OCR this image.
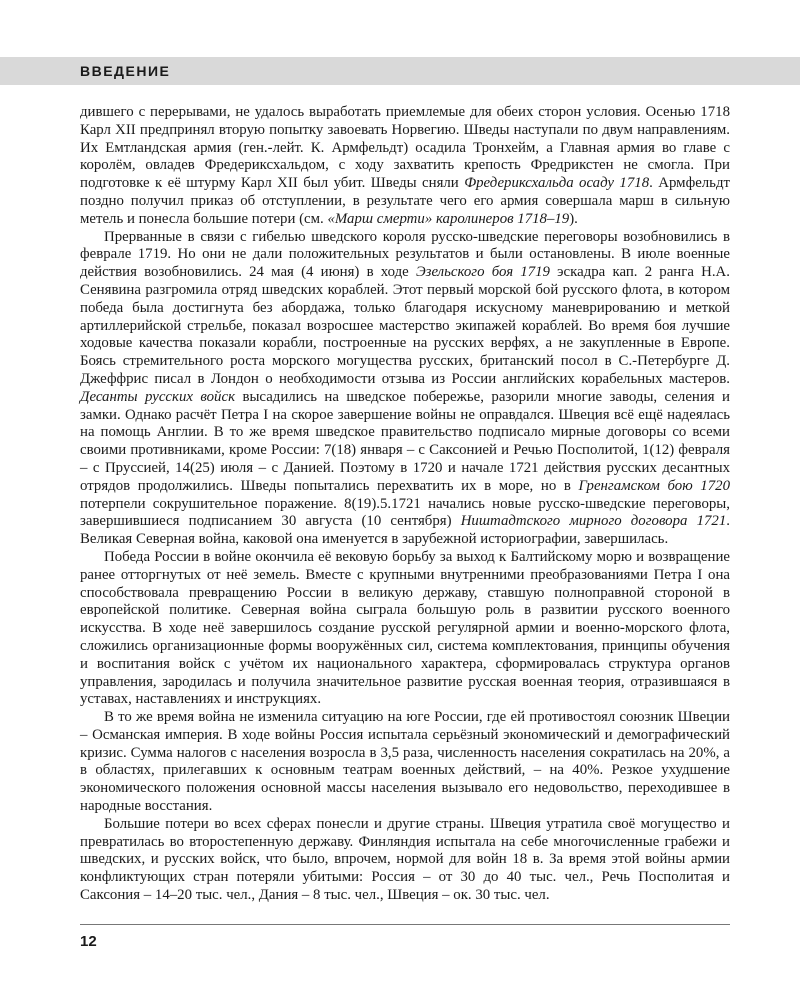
ВВЕДЕНИЕ

дившего с перерывами, не удалось выработать приемлемые для обеих сторон условия. Осенью 1718 Карл XII предпринял вторую попытку завоевать Норвегию. Шведы наступали по двум направлениям. Их Емтландская армия (ген.-лейт. К. Армфельдт) осадила Тронхейм, а Главная армия во главе с королём, овладев Фредериксхальдом, с ходу захватить крепость Фредрикстен не смогла. При подготовке к её штурму Карл XII был убит. Шведы сняли Фредериксхальда осаду 1718. Армфельдт поздно получил приказ об отступлении, в результате чего его армия совершала марш в сильную метель и понесла большие потери (см. «Марш смерти» каролинеров 1718–19).

Прерванные в связи с гибелью шведского короля русско-шведские переговоры возобновились в феврале 1719. Но они не дали положительных результатов и были остановлены. В июле военные действия возобновились. 24 мая (4 июня) в ходе Эзельского боя 1719 эскадра кап. 2 ранга Н.А. Сенявина разгромила отряд шведских кораблей. Этот первый морской бой русского флота, в котором победа была достигнута без абордажа, только благодаря искусному маневрированию и меткой артиллерийской стрельбе, показал возросшее мастерство экипажей кораблей. Во время боя лучшие ходовые качества показали корабли, построенные на русских верфях, а не закупленные в Европе. Боясь стремительного роста морского могущества русских, британский посол в С.-Петербурге Д. Джеффрис писал в Лондон о необходимости отзыва из России английских корабельных мастеров. Десанты русских войск высадились на шведское побережье, разорили многие заводы, селения и замки. Однако расчёт Петра I на скорое завершение войны не оправдался. Швеция всё ещё надеялась на помощь Англии. В то же время шведское правительство подписало мирные договоры со всеми своими противниками, кроме России: 7(18) января – с Саксонией и Речью Посполитой, 1(12) февраля – с Пруссией, 14(25) июля – с Данией. Поэтому в 1720 и начале 1721 действия русских десантных отрядов продолжились. Шведы попытались перехватить их в море, но в Гренгамском бою 1720 потерпели сокрушительное поражение. 8(19).5.1721 начались новые русско-шведские переговоры, завершившиеся подписанием 30 августа (10 сентября) Ништадтского мирного договора 1721. Великая Северная война, каковой она именуется в зарубежной историографии, завершилась.

Победа России в войне окончила её вековую борьбу за выход к Балтийскому морю и возвращение ранее отторгнутых от неё земель. Вместе с крупными внутренними преобразованиями Петра I она способствовала превращению России в великую державу, ставшую полноправной стороной в европейской политике. Северная война сыграла большую роль в развитии русского военного искусства. В ходе неё завершилось создание русской регулярной армии и военно-морского флота, сложились организационные формы вооружённых сил, система комплектования, принципы обучения и воспитания войск с учётом их национального характера, сформировалась структура органов управления, зародилась и получила значительное развитие русская военная теория, отразившаяся в уставах, наставлениях и инструкциях.

В то же время война не изменила ситуацию на юге России, где ей противостоял союзник Швеции – Османская империя. В ходе войны Россия испытала серьёзный экономический и демографический кризис. Сумма налогов с населения возросла в 3,5 раза, численность населения сократилась на 20%, а в областях, прилегавших к основным театрам военных действий, – на 40%. Резкое ухудшение экономического положения основной массы населения вызывало его недовольство, переходившее в народные восстания.

Большие потери во всех сферах понесли и другие страны. Швеция утратила своё могущество и превратилась во второстепенную державу. Финляндия испытала на себе многочисленные грабежи и шведских, и русских войск, что было, впрочем, нормой для войн 18 в. За время этой войны армии конфликтующих стран потеряли убитыми: Россия – от 30 до 40 тыс. чел., Речь Посполитая и Саксония – 14–20 тыс. чел., Дания – 8 тыс. чел., Швеция – ок. 30 тыс. чел.

12
